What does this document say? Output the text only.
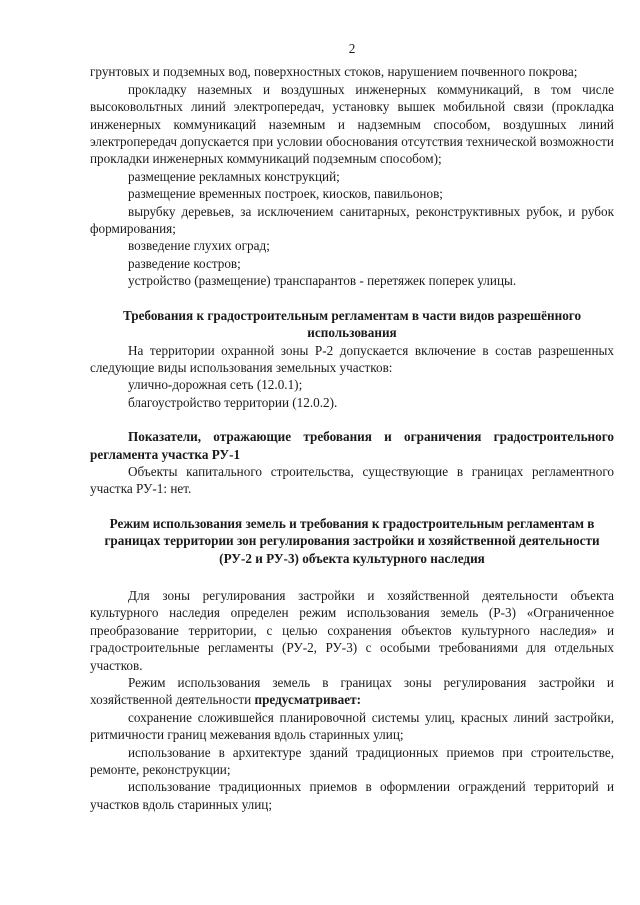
2

грунтовых и подземных вод, поверхностных стоков, нарушением почвенного покрова;

прокладку наземных и воздушных инженерных коммуникаций, в том числе высоковольтных линий электропередач, установку вышек мобильной связи (прокладка инженерных коммуникаций наземным и надземным способом, воздушных линий электропередач допускается при условии обоснования отсутствия технической возможности прокладки инженерных коммуникаций подземным способом);

размещение рекламных конструкций;

размещение временных построек, киосков, павильонов;

вырубку деревьев, за исключением санитарных, реконструктивных рубок, и рубок формирования;

возведение глухих оград;

разведение костров;

устройство (размещение) транспарантов - перетяжек поперек улицы.

Требования к градостроительным регламентам в части видов разрешённого использования

На территории охранной зоны Р-2 допускается включение в состав разрешенных следующие виды использования земельных участков:

улично-дорожная сеть (12.0.1);

благоустройство территории (12.0.2).

Показатели, отражающие требования и ограничения градостроительного регламента участка РУ-1

Объекты капитального строительства, существующие в границах регламентного участка РУ-1: нет.

Режим использования земель и требования к градостроительным регламентам в границах территории зон регулирования застройки и хозяйственной деятельности (РУ-2 и РУ-3) объекта культурного наследия

Для зоны регулирования застройки и хозяйственной деятельности объекта культурного наследия определен режим использования земель (Р-3) «Ограниченное преобразование территории, с целью сохранения объектов культурного наследия» и градостроительные регламенты (РУ-2, РУ-3) с особыми требованиями для отдельных участков.

Режим использования земель в границах зоны регулирования застройки и хозяйственной деятельности предусматривает:

сохранение сложившейся планировочной системы улиц, красных линий застройки, ритмичности границ межевания вдоль старинных улиц;

использование в архитектуре зданий традиционных приемов при строительстве, ремонте, реконструкции;

использование традиционных приемов в оформлении ограждений территорий и участков вдоль старинных улиц;
